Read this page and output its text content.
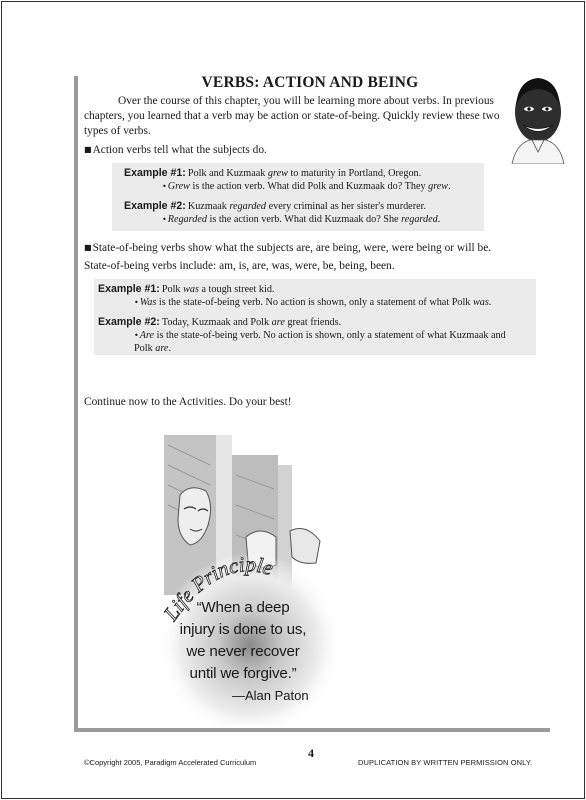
VERBS: ACTION AND BEING

Over the course of this chapter, you will be learning more about verbs. In previous chapters, you learned that a verb may be action or state-of-being. Quickly review these two types of verbs.

■Action verbs tell what the subjects do.
Example #1: Polk and Kuzmaak grew to maturity in Portland, Oregon.
•Grew is the action verb. What did Polk and Kuzmaak do? They grew.
Example #2: Kuzmaak regarded every criminal as her sister's murderer.
•Regarded is the action verb. What did Kuzmaak do? She regarded.
■State-of-being verbs show what the subjects are, are being, were, were being or will be.
State-of-being verbs include: am, is, are, was, were, be, being, been.
Example #1: Polk was a tough street kid.
•Was is the state-of-being verb. No action is shown, only a statement of what Polk was.
Example #2: Today, Kuzmaak and Polk are great friends.
•Are is the state-of-being verb. No action is shown, only a statement of what Kuzmaak and Polk are.

Continue now to the Activities. Do your best!

Life Principle
“When a deep
injury is done to us,
we never recover
until we forgive.”
—Alan Paton
©Copyright 2005, Paradigm Accelerated Curriculum
4
DUPLICATION BY WRITTEN PERMISSION ONLY.
